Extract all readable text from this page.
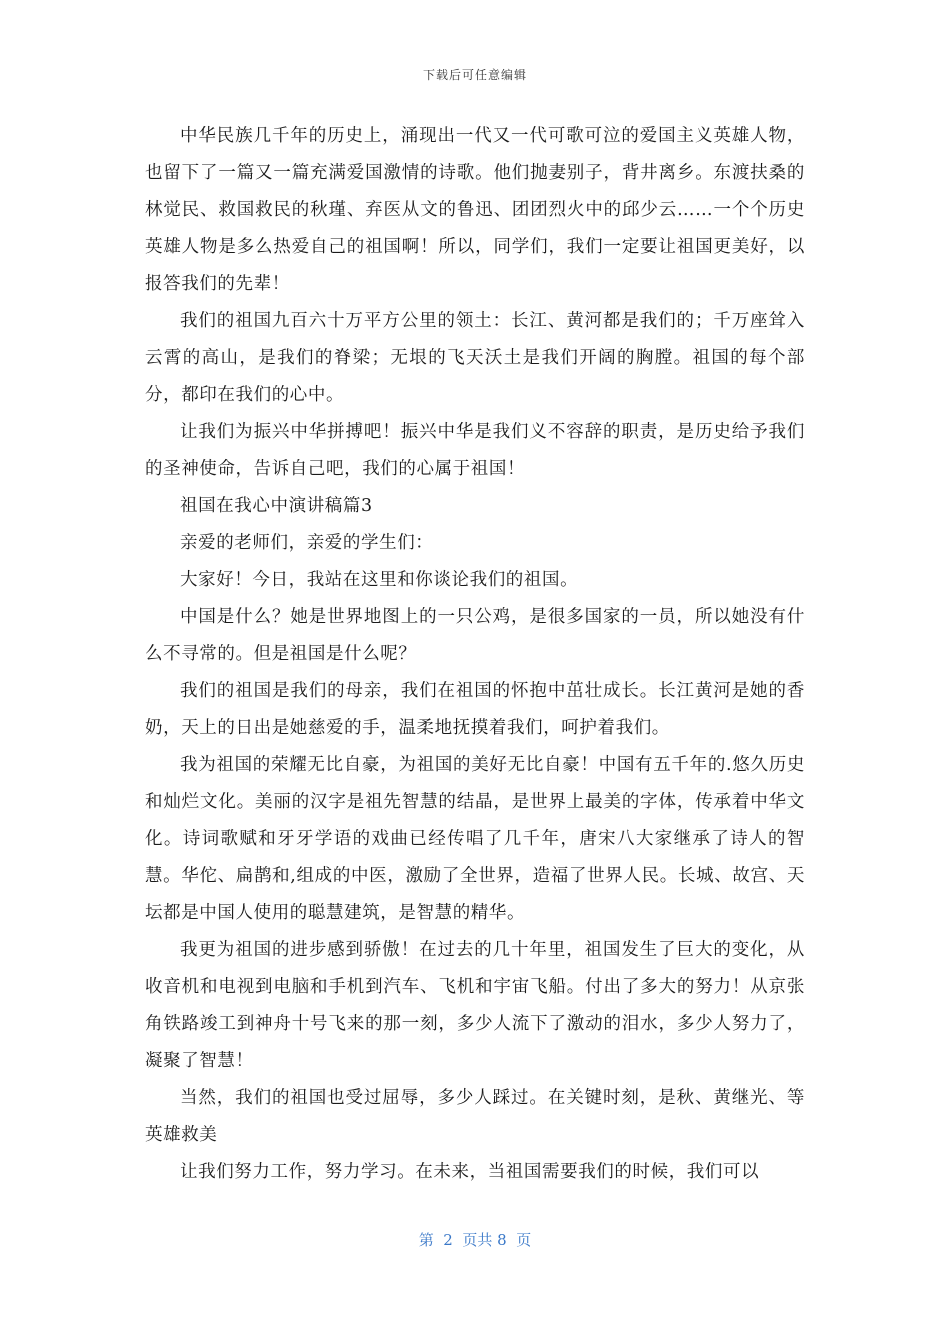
下载后可任意编辑

中华民族几千年的历史上，涌现出一代又一代可歌可泣的爱国主义英雄人物，也留下了一篇又一篇充满爱国激情的诗歌。他们抛妻别子，背井离乡。东渡扶桑的林觉民、救国救民的秋瑾、弃医从文的鲁迅、团团烈火中的邱少云……一个个历史英雄人物是多么热爱自己的祖国啊！所以，同学们，我们一定要让祖国更美好，以报答我们的先辈！

我们的祖国九百六十万平方公里的领土：长江、黄河都是我们的；千万座耸入云霄的高山，是我们的脊梁；无垠的飞天沃土是我们开阔的胸膛。祖国的每个部分，都印在我们的心中。

让我们为振兴中华拼搏吧！振兴中华是我们义不容辞的职责，是历史给予我们的圣神使命，告诉自己吧，我们的心属于祖国！

祖国在我心中演讲稿篇3

亲爱的老师们，亲爱的学生们：

大家好！今日，我站在这里和你谈论我们的祖国。

中国是什么？她是世界地图上的一只公鸡，是很多国家的一员，所以她没有什么不寻常的。但是祖国是什么呢？

我们的祖国是我们的母亲，我们在祖国的怀抱中茁壮成长。长江黄河是她的香奶，天上的日出是她慈爱的手，温柔地抚摸着我们，呵护着我们。

我为祖国的荣耀无比自豪，为祖国的美好无比自豪！中国有五千年的.悠久历史和灿烂文化。美丽的汉字是祖先智慧的结晶，是世界上最美的字体，传承着中华文化。诗词歌赋和牙牙学语的戏曲已经传唱了几千年，唐宋八大家继承了诗人的智慧。华佗、扁鹊和,组成的中医，激励了全世界，造福了世界人民。长城、故宫、天坛都是中国人使用的聪慧建筑，是智慧的精华。

我更为祖国的进步感到骄傲！在过去的几十年里，祖国发生了巨大的变化，从收音机和电视到电脑和手机到汽车、飞机和宇宙飞船。付出了多大的努力！从京张角铁路竣工到神舟十号飞来的那一刻，多少人流下了激动的泪水，多少人努力了，凝聚了智慧！

当然，我们的祖国也受过屈辱，多少人踩过。在关键时刻，是秋、黄继光、等英雄救美

让我们努力工作，努力学习。在未来，当祖国需要我们的时候，我们可以

第  2  页共 8  页
